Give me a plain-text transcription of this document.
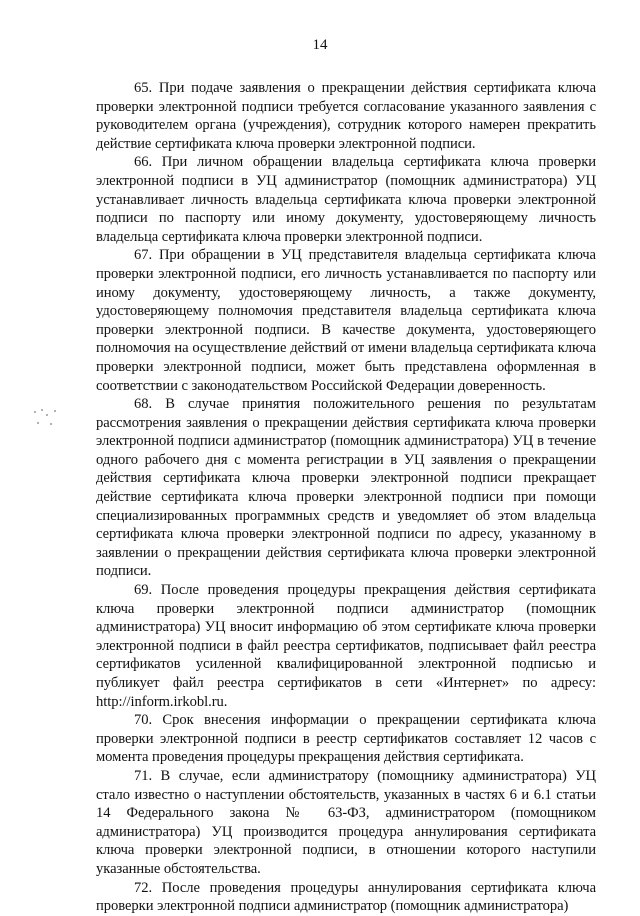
14

65. При подаче заявления о прекращении действия сертификата ключа проверки электронной подписи требуется согласование указанного заявления с руководителем органа (учреждения), сотрудник которого намерен прекратить действие сертификата ключа проверки электронной подписи.

66. При личном обращении владельца сертификата ключа проверки электронной подписи в УЦ администратор (помощник администратора) УЦ устанавливает личность владельца сертификата ключа проверки электронной подписи по паспорту или иному документу, удостоверяющему личность владельца сертификата ключа проверки электронной подписи.

67. При обращении в УЦ представителя владельца сертификата ключа проверки электронной подписи, его личность устанавливается по паспорту или иному документу, удостоверяющему личность, а также документу, удостоверяющему полномочия представителя владельца сертификата ключа проверки электронной подписи. В качестве документа, удостоверяющего полномочия на осуществление действий от имени владельца сертификата ключа проверки электронной подписи, может быть представлена оформленная в соответствии с законодательством Российской Федерации доверенность.

68. В случае принятия положительного решения по результатам рассмотрения заявления о прекращении действия сертификата ключа проверки электронной подписи администратор (помощник администратора) УЦ в течение одного рабочего дня с момента регистрации в УЦ заявления о прекращении действия сертификата ключа проверки электронной подписи прекращает действие сертификата ключа проверки электронной подписи при помощи специализированных программных средств и уведомляет об этом владельца сертификата ключа проверки электронной подписи по адресу, указанному в заявлении о прекращении действия сертификата ключа проверки электронной подписи.

69. После проведения процедуры прекращения действия сертификата ключа проверки электронной подписи администратор (помощник администратора) УЦ вносит информацию об этом сертификате ключа проверки электронной подписи в файл реестра сертификатов, подписывает файл реестра сертификатов усиленной квалифицированной электронной подписью и публикует файл реестра сертификатов в сети «Интернет» по адресу: http://inform.irkobl.ru.

70. Срок внесения информации о прекращении сертификата ключа проверки электронной подписи в реестр сертификатов составляет 12 часов с момента проведения процедуры прекращения действия сертификата.

71. В случае, если администратору (помощнику администратора) УЦ стало известно о наступлении обстоятельств, указанных в частях 6 и 6.1 статьи 14 Федерального закона № 63-ФЗ, администратором (помощником администратора) УЦ производится процедура аннулирования сертификата ключа проверки электронной подписи, в отношении которого наступили указанные обстоятельства.

72. После проведения процедуры аннулирования сертификата ключа проверки электронной подписи администратор (помощник администратора)
